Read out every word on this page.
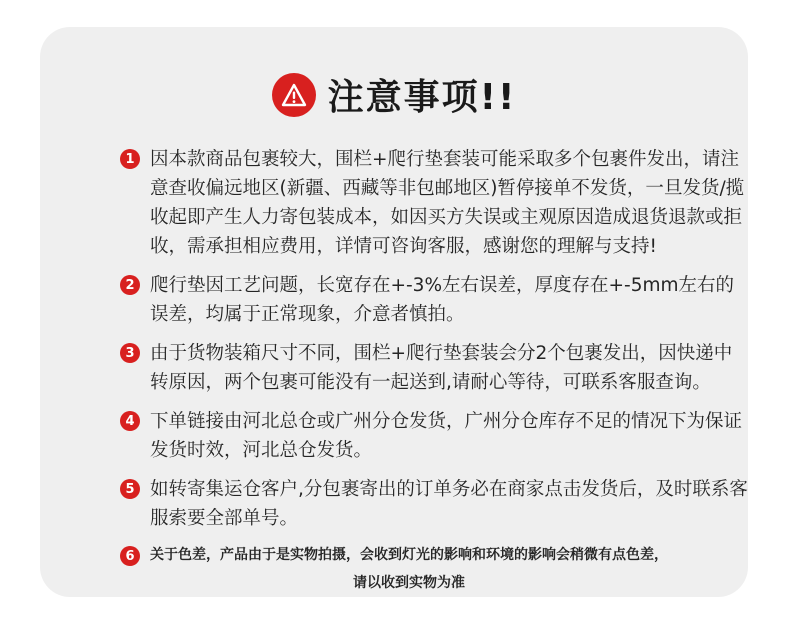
注意事项!!
1 因本款商品包裹较大，围栏+爬行垫套装可能采取多个包裹件发出，请注意查收偏远地区(新疆、西藏等非包邮地区)暂停接单不发货，一旦发货/揽收起即产生人力寄包装成本，如因买方失误或主观原因造成退货退款或拒收，需承担相应费用，详情可咨询客服，感谢您的理解与支持!
2 爬行垫因工艺问题，长宽存在+-3%左右误差，厚度存在+-5mm左右的误差，均属于正常现象，介意者慎拍。
3 由于货物装箱尺寸不同，围栏+爬行垫套装会分2个包裹发出，因快递中转原因，两个包裹可能没有一起送到,请耐心等待，可联系客服查询。
4 下单链接由河北总仓或广州分仓发货，广州分仓库存不足的情况下为保证发货时效，河北总仓发货。
5 如转寄集运仓客户,分包裹寄出的订单务必在商家点击发货后，及时联系客服索要全部单号。
6	关于色差，产品由于是实物拍摄，会收到灯光的影响和环境的影响会稍微有点色差，
请以收到实物为准
